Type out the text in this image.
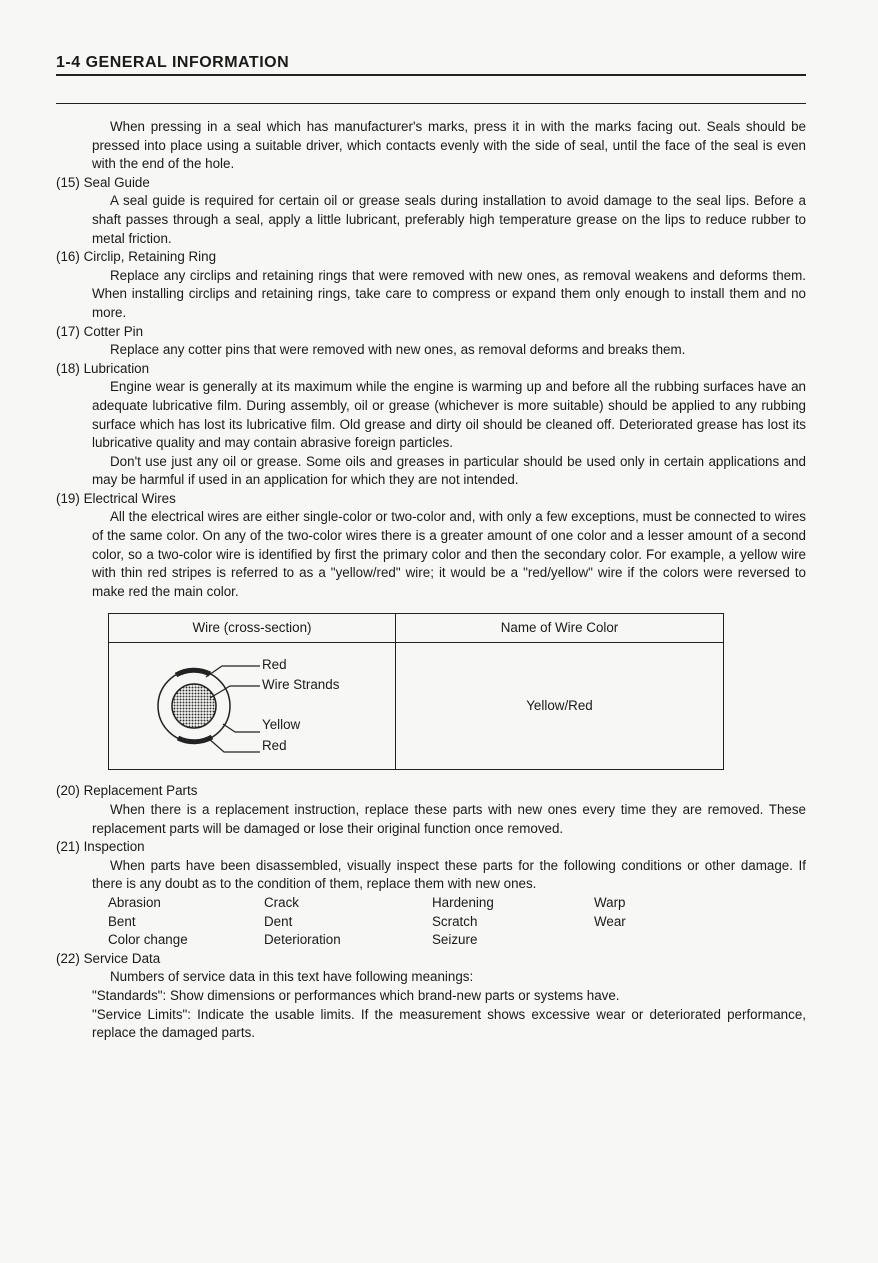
1-4 GENERAL INFORMATION
When pressing in a seal which has manufacturer's marks, press it in with the marks facing out. Seals should be pressed into place using a suitable driver, which contacts evenly with the side of seal, until the face of the seal is even with the end of the hole.
(15) Seal Guide
A seal guide is required for certain oil or grease seals during installation to avoid damage to the seal lips. Before a shaft passes through a seal, apply a little lubricant, preferably high temperature grease on the lips to reduce rubber to metal friction.
(16) Circlip, Retaining Ring
Replace any circlips and retaining rings that were removed with new ones, as removal weakens and deforms them. When installing circlips and retaining rings, take care to compress or expand them only enough to install them and no more.
(17) Cotter Pin
Replace any cotter pins that were removed with new ones, as removal deforms and breaks them.
(18) Lubrication
Engine wear is generally at its maximum while the engine is warming up and before all the rubbing surfaces have an adequate lubricative film. During assembly, oil or grease (whichever is more suitable) should be applied to any rubbing surface which has lost its lubricative film. Old grease and dirty oil should be cleaned off. Deteriorated grease has lost its lubricative quality and may contain abrasive foreign particles.
Don't use just any oil or grease. Some oils and greases in particular should be used only in certain applications and may be harmful if used in an application for which they are not intended.
(19) Electrical Wires
All the electrical wires are either single-color or two-color and, with only a few exceptions, must be connected to wires of the same color. On any of the two-color wires there is a greater amount of one color and a lesser amount of a second color, so a two-color wire is identified by first the primary color and then the secondary color. For example, a yellow wire with thin red stripes is referred to as a "yellow/red" wire; it would be a "red/yellow" wire if the colors were reversed to make red the main color.
Wire (cross-section)	Name of Wire Color

Red
Wire Strands
Yellow
Red	Yellow/Red
(20) Replacement Parts
When there is a replacement instruction, replace these parts with new ones every time they are removed. These replacement parts will be damaged or lose their original function once removed.
(21) Inspection
When parts have been disassembled, visually inspect these parts for the following conditions or other damage. If there is any doubt as to the condition of them, replace them with new ones.
Abrasion	Crack	Hardening	Warp
Bent	Dent	Scratch	Wear
Color change	Deterioration	Seizure
(22) Service Data
Numbers of service data in this text have following meanings:
"Standards": Show dimensions or performances which brand-new parts or systems have.
"Service Limits": Indicate the usable limits. If the measurement shows excessive wear or deteriorated performance, replace the damaged parts.
